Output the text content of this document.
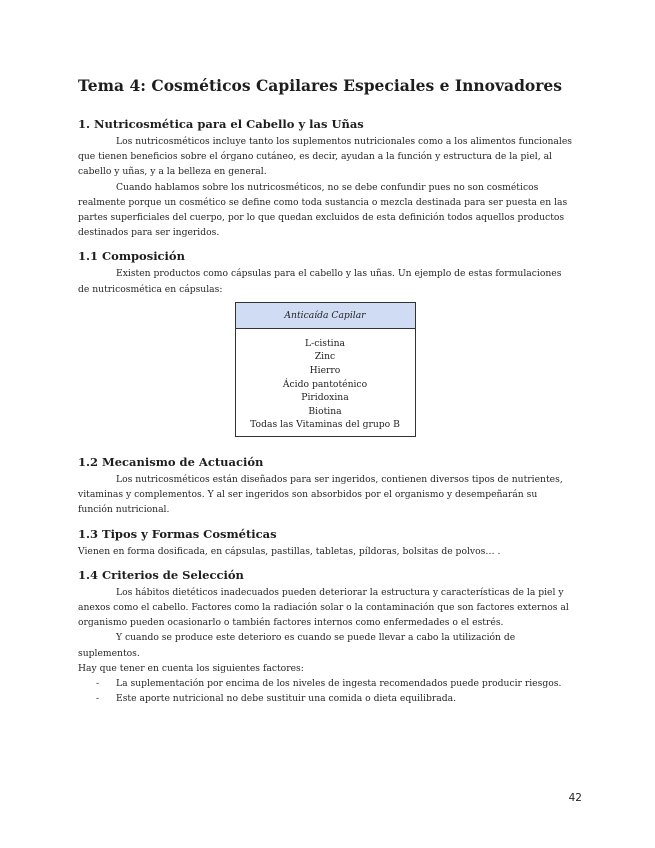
Tema 4: Cosméticos Capilares Especiales e Innovadores
1. Nutricosmética para el Cabello y las Uñas

Los nutricosméticos incluye tanto los suplementos nutricionales como a los alimentos funcionales que tienen beneficios sobre el órgano cutáneo, es decir, ayudan a la función y estructura de la piel, al cabello y uñas, y a la belleza en general.

Cuando hablamos sobre los nutricosméticos, no se debe confundir pues no son cosméticos realmente porque un cosmético se define como toda sustancia o mezcla destinada para ser puesta en las partes superficiales del cuerpo, por lo que quedan excluidos de esta definición todos aquellos productos destinados para ser ingeridos.

1.1 Composición

Existen productos como cápsulas para el cabello y las uñas. Un ejemplo de estas formulaciones de nutricosmética en cápsulas:

Anticaída Capilar

L-cistina
Zinc
Hierro
Ácido pantoténico
Piridoxina
Biotina
Todas las Vitaminas del grupo B
1.2 Mecanismo de Actuación

Los nutricosméticos están diseñados para ser ingeridos, contienen diversos tipos de nutrientes, vitaminas y complementos. Y al ser ingeridos son absorbidos por el organismo y desempeñarán su función nutricional.

1.3 Tipos y Formas Cosméticas

Vienen en forma dosificada, en cápsulas, pastillas, tabletas, píldoras, bolsitas de polvos… .

1.4 Criterios de Selección

Los hábitos dietéticos inadecuados pueden deteriorar la estructura y características de la piel y anexos como el cabello. Factores como la radiación solar o la contaminación que son factores externos al organismo pueden ocasionarlo o también factores internos como enfermedades o el estrés.

Y cuando se produce este deterioro es cuando se puede llevar a cabo la utilización de suplementos.

Hay que tener en cuenta los siguientes factores:

- La suplementación por encima de los niveles de ingesta recomendados puede producir riesgos.
- Este aporte nutricional no debe sustituir una comida o dieta equilibrada.
42
